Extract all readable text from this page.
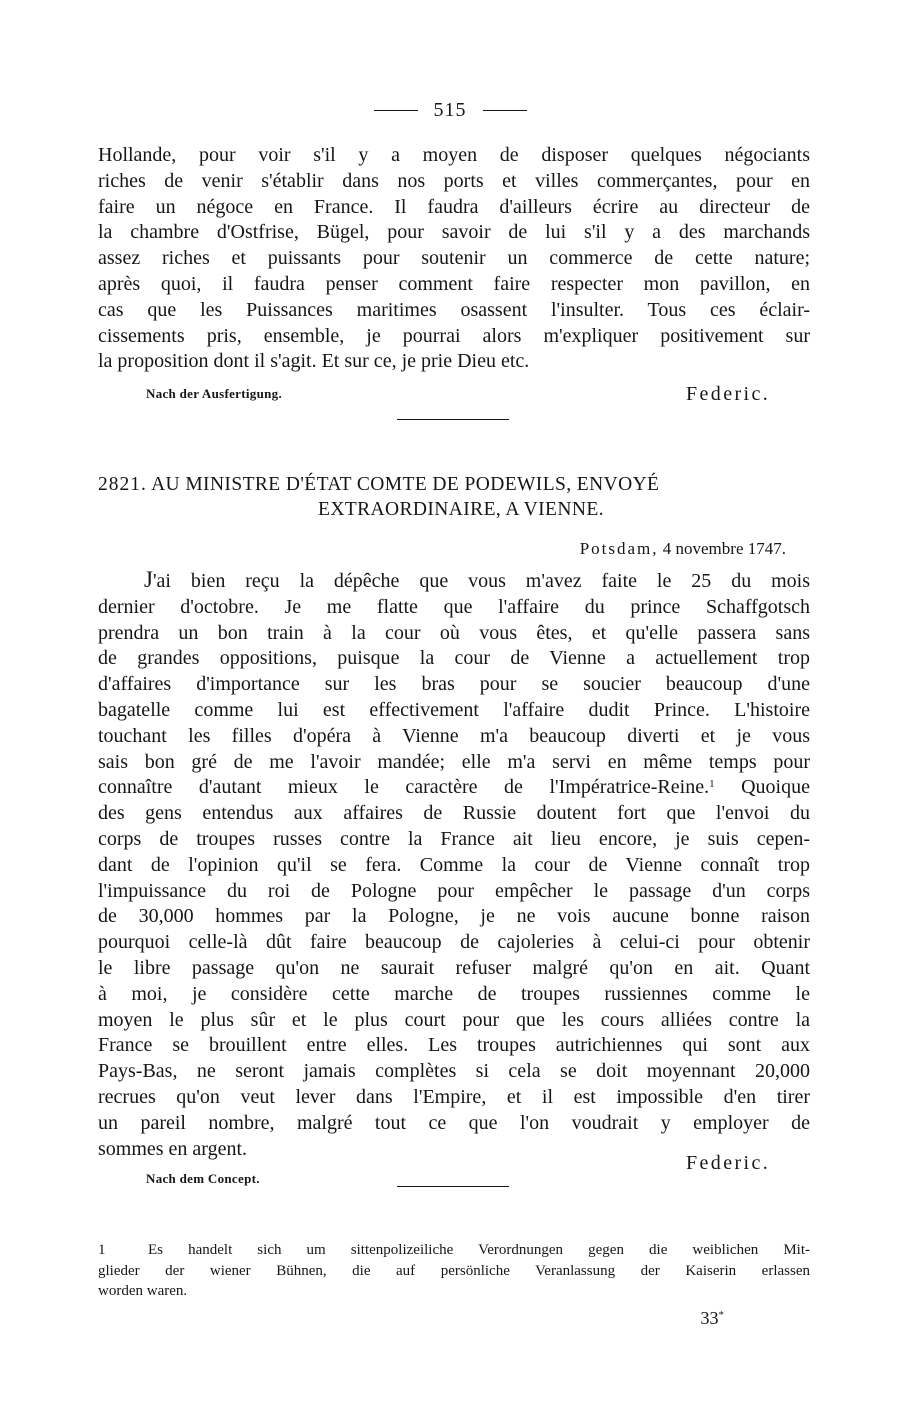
515
Hollande, pour voir s'il y a moyen de disposer quelques négociants
riches de venir s'établir dans nos ports et villes commerçantes, pour en
faire un négoce en France. Il faudra d'ailleurs écrire au directeur de
la chambre d'Ostfrise, Bügel, pour savoir de lui s'il y a des marchands
assez riches et puissants pour soutenir un commerce de cette nature;
après quoi, il faudra penser comment faire respecter mon pavillon, en
cas que les Puissances maritimes osassent l'insulter. Tous ces éclair-
cissements pris, ensemble, je pourrai alors m'expliquer positivement sur
la proposition dont il s'agit. Et sur ce, je prie Dieu etc.
Nach der Ausfertigung.	Federic.
2821. AU MINISTRE D'ÉTAT COMTE DE PODEWILS, ENVOYÉ
EXTRAORDINAIRE, A VIENNE.
Potsdam, 4 novembre 1747.
J'ai bien reçu la dépêche que vous m'avez faite le 25 du mois
dernier d'octobre. Je me flatte que l'affaire du prince Schaffgotsch
prendra un bon train à la cour où vous êtes, et qu'elle passera sans
de grandes oppositions, puisque la cour de Vienne a actuellement trop
d'affaires d'importance sur les bras pour se soucier beaucoup d'une
bagatelle comme lui est effectivement l'affaire dudit Prince. L'histoire
touchant les filles d'opéra à Vienne m'a beaucoup diverti et je vous
sais bon gré de me l'avoir mandée; elle m'a servi en même temps pour
connaître d'autant mieux le caractère de l'Impératrice-Reine.$^1$ Quoique
des gens entendus aux affaires de Russie doutent fort que l'envoi du
corps de troupes russes contre la France ait lieu encore, je suis cepen-
dant de l'opinion qu'il se fera. Comme la cour de Vienne connaît trop
l'impuissance du roi de Pologne pour empêcher le passage d'un corps
de 30,000 hommes par la Pologne, je ne vois aucune bonne raison
pourquoi celle-là dût faire beaucoup de cajoleries à celui-ci pour obtenir
le libre passage qu'on ne saurait refuser malgré qu'on en ait. Quant
à moi, je considère cette marche de troupes russiennes comme le
moyen le plus sûr et le plus court pour que les cours alliées contre la
France se brouillent entre elles. Les troupes autrichiennes qui sont aux
Pays-Bas, ne seront jamais complètes si cela se doit moyennant 20,000
recrues qu'on veut lever dans l'Empire, et il est impossible d'en tirer
un pareil nombre, malgré tout ce que l'on voudrait y employer de
sommes en argent.
Federic.
Nach dem Concept.
1	Es handelt sich um sittenpolizeiliche Verordnungen gegen die weiblichen Mit-
glieder der wiener Bühnen, die auf persönliche Veranlassung der Kaiserin erlassen
worden waren.
33*
